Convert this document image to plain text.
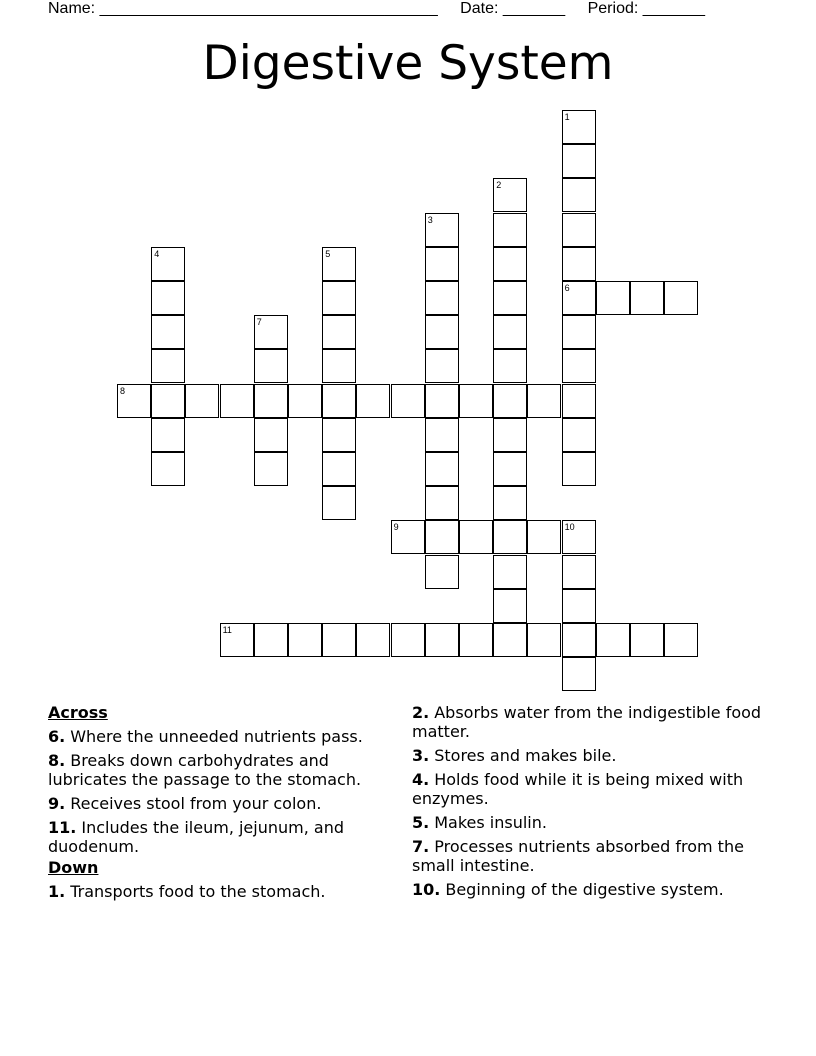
Name: ______________________________________ Date: _______ Period: _______
Digestive System
1
6
2
3
4	5
7
8
9	10
11
Across
6. Where the unneeded nutrients pass.
8. Breaks down carbohydrates and lubricates the passage to the stomach.
9. Receives stool from your colon.
11. Includes the ileum, jejunum, and duodenum.
Down
1. Transports food to the stomach.
2. Absorbs water from the indigestible food matter.
3. Stores and makes bile.
4. Holds food while it is being mixed with enzymes.
5. Makes insulin.
7. Processes nutrients absorbed from the small intestine.
10. Beginning of the digestive system.
